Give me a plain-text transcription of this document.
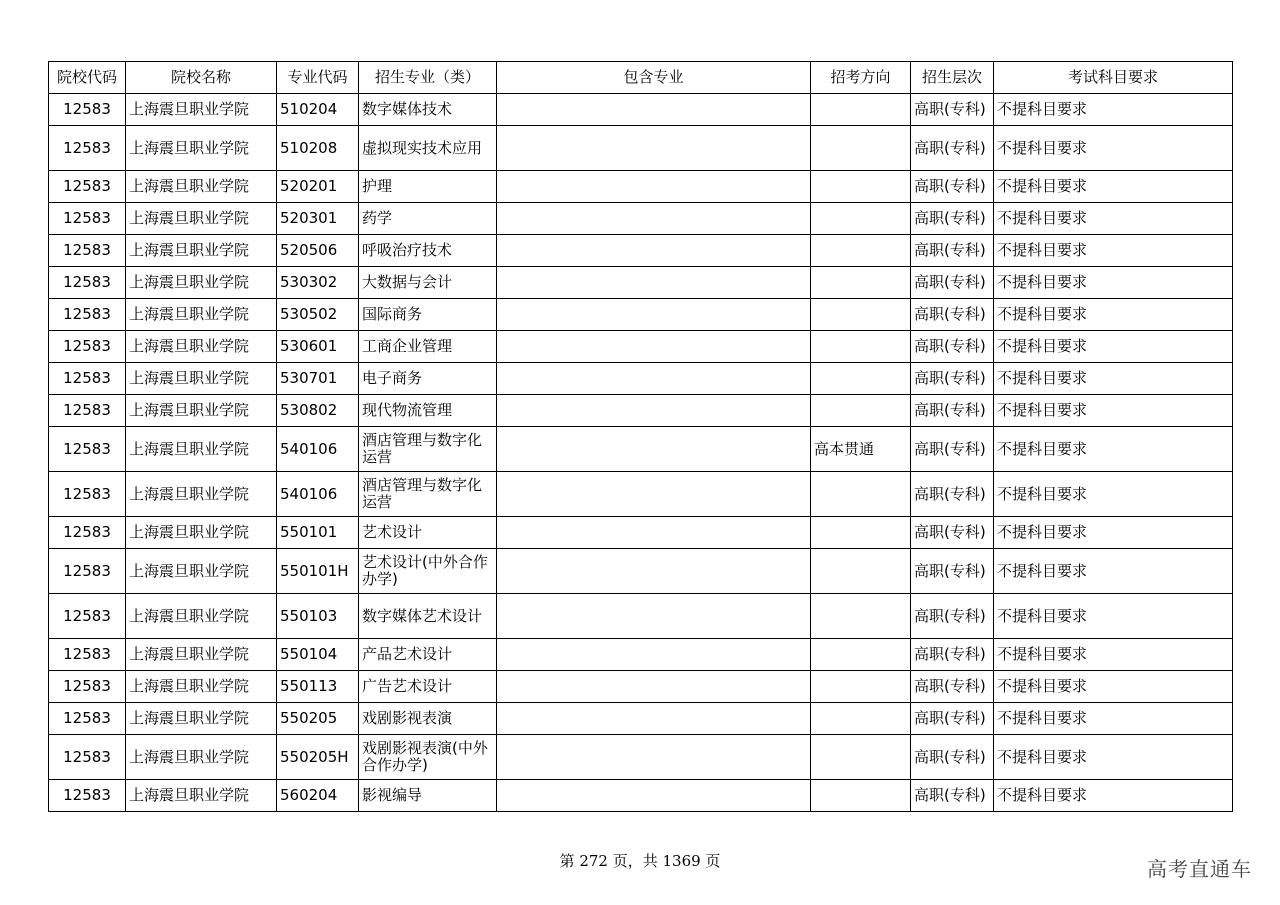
院校代码	院校名称	专业代码	招生专业（类）	包含专业	招考方向	招生层次	考试科目要求
12583	上海震旦职业学院	510204	数字媒体技术			高职(专科)	不提科目要求
12583	上海震旦职业学院	510208	虚拟现实技术应用			高职(专科)	不提科目要求
12583	上海震旦职业学院	520201	护理			高职(专科)	不提科目要求
12583	上海震旦职业学院	520301	药学			高职(专科)	不提科目要求
12583	上海震旦职业学院	520506	呼吸治疗技术			高职(专科)	不提科目要求
12583	上海震旦职业学院	530302	大数据与会计			高职(专科)	不提科目要求
12583	上海震旦职业学院	530502	国际商务			高职(专科)	不提科目要求
12583	上海震旦职业学院	530601	工商企业管理			高职(专科)	不提科目要求
12583	上海震旦职业学院	530701	电子商务			高职(专科)	不提科目要求
12583	上海震旦职业学院	530802	现代物流管理			高职(专科)	不提科目要求
12583	上海震旦职业学院	540106	酒店管理与数字化运营		高本贯通	高职(专科)	不提科目要求
12583	上海震旦职业学院	540106	酒店管理与数字化运营			高职(专科)	不提科目要求
12583	上海震旦职业学院	550101	艺术设计			高职(专科)	不提科目要求
12583	上海震旦职业学院	550101H	艺术设计(中外合作办学)			高职(专科)	不提科目要求
12583	上海震旦职业学院	550103	数字媒体艺术设计			高职(专科)	不提科目要求
12583	上海震旦职业学院	550104	产品艺术设计			高职(专科)	不提科目要求
12583	上海震旦职业学院	550113	广告艺术设计			高职(专科)	不提科目要求
12583	上海震旦职业学院	550205	戏剧影视表演			高职(专科)	不提科目要求
12583	上海震旦职业学院	550205H	戏剧影视表演(中外合作办学)			高职(专科)	不提科目要求
12583	上海震旦职业学院	560204	影视编导			高职(专科)	不提科目要求
第 272 页，共 1369 页	高考直通车
